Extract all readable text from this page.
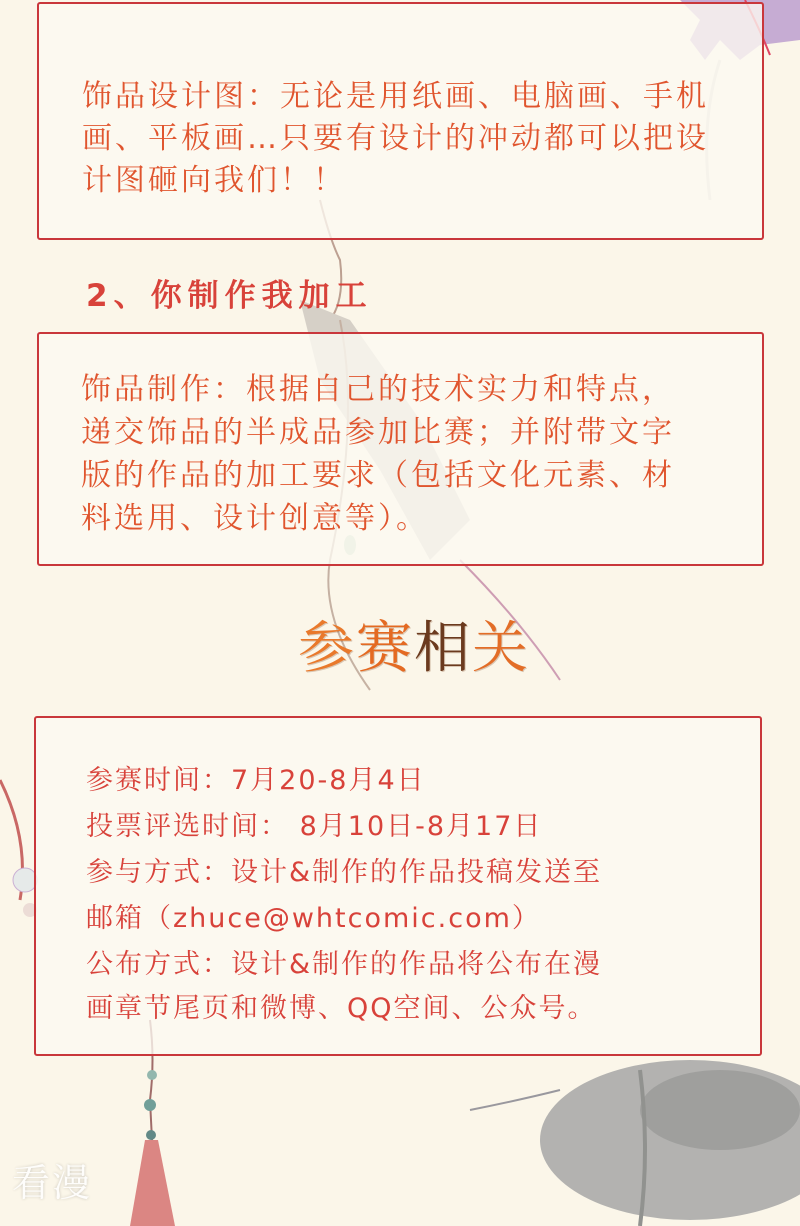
饰品设计图：无论是用纸画、电脑画、手机
画、平板画…只要有设计的冲动都可以把设
计图砸向我们！！

2、你制作我加工

饰品制作：根据自己的技术实力和特点，
递交饰品的半成品参加比赛；并附带文字
版的作品的加工要求（包括文化元素、材
料选用、设计创意等）。

参赛相关

参赛时间：7月20-8月4日

投票评选时间： 8月10日-8月17日

参与方式：设计&制作的作品投稿发送至

邮箱（zhuce@whtcomic.com）

公布方式：设计&制作的作品将公布在漫

画章节尾页和微博、QQ空间、公众号。

看漫
